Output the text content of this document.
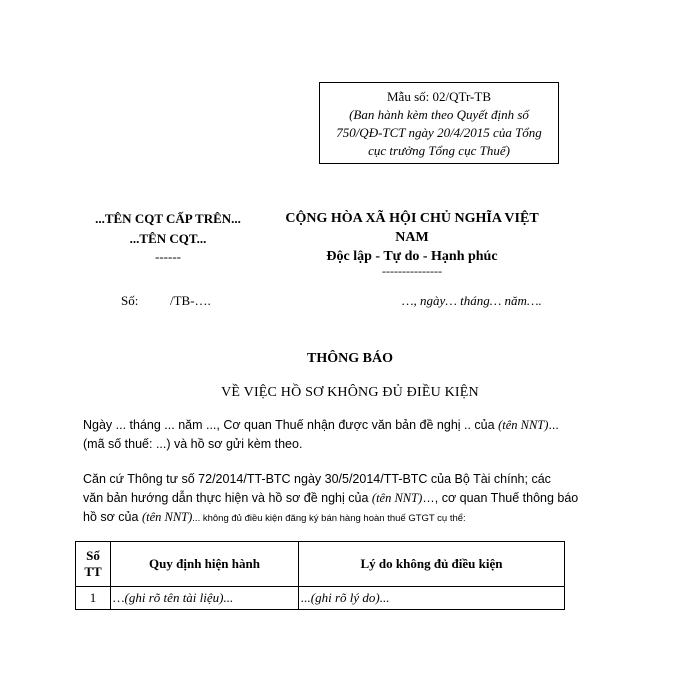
Mẫu số: 02/QTr-TB
(Ban hành kèm theo Quyết định số
750/QĐ-TCT ngày 20/4/2015 của Tổng
cục trưởng Tổng cục Thuế)
...TÊN CQT CẤP TRÊN...
...TÊN CQT...
------
CỘNG HÒA XÃ HỘI CHỦ NGHĨA VIỆT
NAM
Độc lập - Tự do - Hạnh phúc
---------------
Số: /TB-….	…, ngày… tháng… năm….
THÔNG BÁO
VỀ VIỆC HỒ SƠ KHÔNG ĐỦ ĐIỀU KIỆN
Ngày ... tháng ... năm ..., Cơ quan Thuế nhận được văn bản đề nghị .. của (tên NNT)...
(mã số thuế: ...) và hồ sơ gửi kèm theo.
Căn cứ Thông tư số 72/2014/TT-BTC ngày 30/5/2014/TT-BTC của Bộ Tài chính; các
văn bản hướng dẫn thực hiện và hồ sơ đề nghị của (tên NNT)…, cơ quan Thuế thông báo
hồ sơ của (tên NNT)... không đủ điều kiện đăng ký bán hàng hoàn thuế GTGT cụ thể:
Số TT	Quy định hiện hành	Lý do không đủ điều kiện
1	…(ghi rõ tên tài liệu)...	...(ghi rõ lý do)...
